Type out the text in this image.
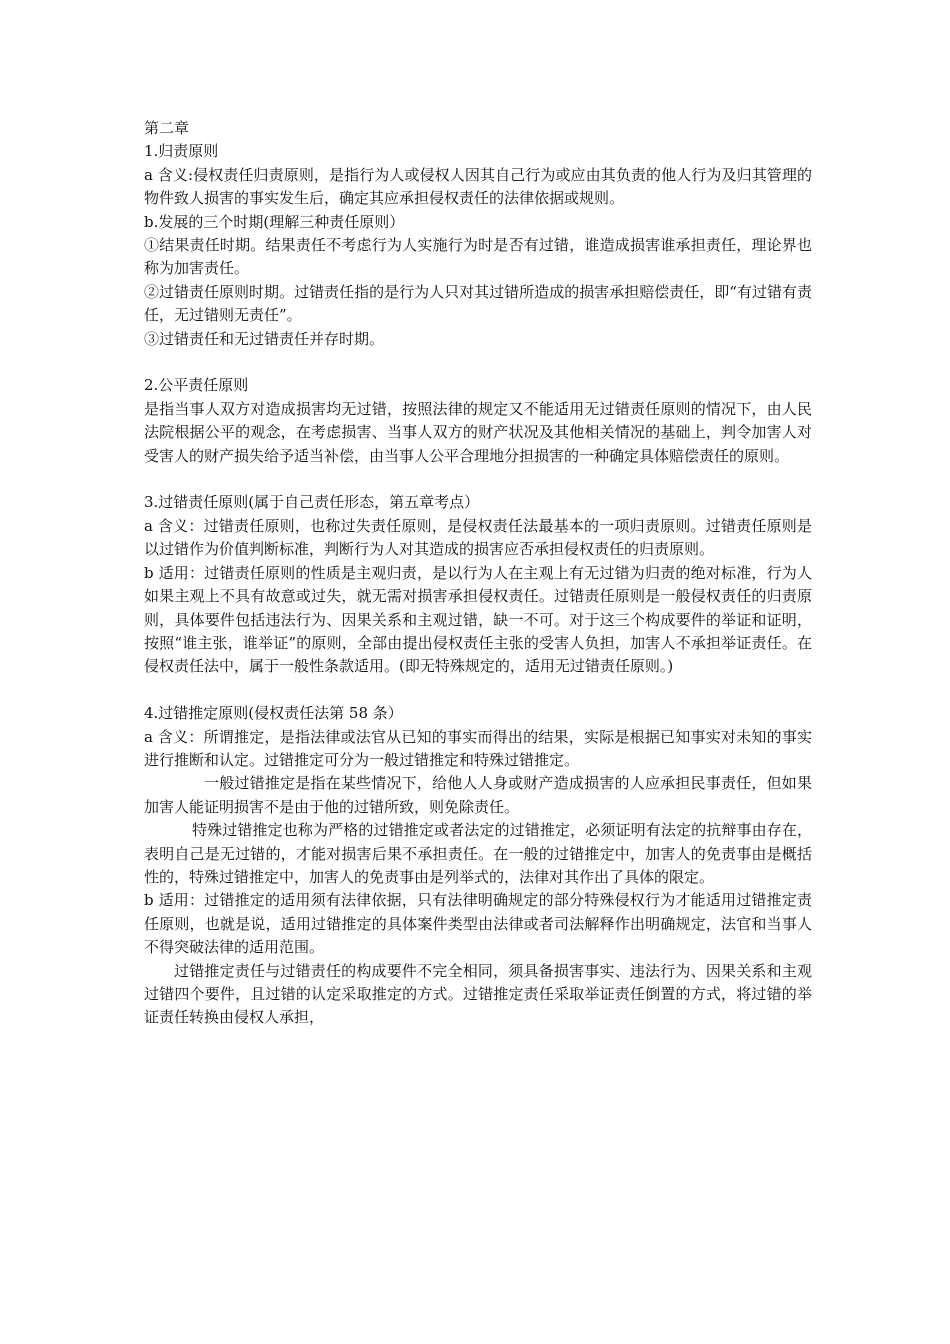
第二章

1.归责原则

a 含义:侵权责任归责原则，是指行为人或侵权人因其自己行为或应由其负责的他人行为及归其管理的物件致人损害的事实发生后，确定其应承担侵权责任的法律依据或规则。

b.发展的三个时期(理解三种责任原则）

①结果责任时期。结果责任不考虑行为人实施行为时是否有过错，谁造成损害谁承担责任，理论界也称为加害责任。

②过错责任原则时期。过错责任指的是行为人只对其过错所造成的损害承担赔偿责任，即“有过错有责任，无过错则无责任”。

③过错责任和无过错责任并存时期。

2.公平责任原则

是指当事人双方对造成损害均无过错，按照法律的规定又不能适用无过错责任原则的情况下，由人民法院根据公平的观念，在考虑损害、当事人双方的财产状况及其他相关情况的基础上，判令加害人对受害人的财产损失给予适当补偿，由当事人公平合理地分担损害的一种确定具体赔偿责任的原则。

3.过错责任原则(属于自己责任形态，第五章考点）

a 含义：过错责任原则，也称过失责任原则，是侵权责任法最基本的一项归责原则。过错责任原则是以过错作为价值判断标准，判断行为人对其造成的损害应否承担侵权责任的归责原则。

b 适用：过错责任原则的性质是主观归责，是以行为人在主观上有无过错为归责的绝对标准，行为人如果主观上不具有故意或过失，就无需对损害承担侵权责任。过错责任原则是一般侵权责任的归责原则，具体要件包括违法行为、因果关系和主观过错，缺一不可。对于这三个构成要件的举证和证明，按照“谁主张，谁举证”的原则，全部由提出侵权责任主张的受害人负担，加害人不承担举证责任。在侵权责任法中，属于一般性条款适用。(即无特殊规定的，适用无过错责任原则。)

4.过错推定原则(侵权责任法第 58 条）

a 含义：所谓推定，是指法律或法官从已知的事实而得出的结果，实际是根据已知事实对未知的事实进行推断和认定。过错推定可分为一般过错推定和特殊过错推定。

一般过错推定是指在某些情况下，给他人人身或财产造成损害的人应承担民事责任，但如果加害人能证明损害不是由于他的过错所致，则免除责任。

特殊过错推定也称为严格的过错推定或者法定的过错推定，必须证明有法定的抗辩事由存在，表明自己是无过错的，才能对损害后果不承担责任。在一般的过错推定中，加害人的免责事由是概括性的，特殊过错推定中，加害人的免责事由是列举式的，法律对其作出了具体的限定。

b 适用：过错推定的适用须有法律依据，只有法律明确规定的部分特殊侵权行为才能适用过错推定责任原则，也就是说，适用过错推定的具体案件类型由法律或者司法解释作出明确规定，法官和当事人不得突破法律的适用范围。

过错推定责任与过错责任的构成要件不完全相同，须具备损害事实、违法行为、因果关系和主观过错四个要件，且过错的认定采取推定的方式。过错推定责任采取举证责任倒置的方式，将过错的举证责任转换由侵权人承担，
